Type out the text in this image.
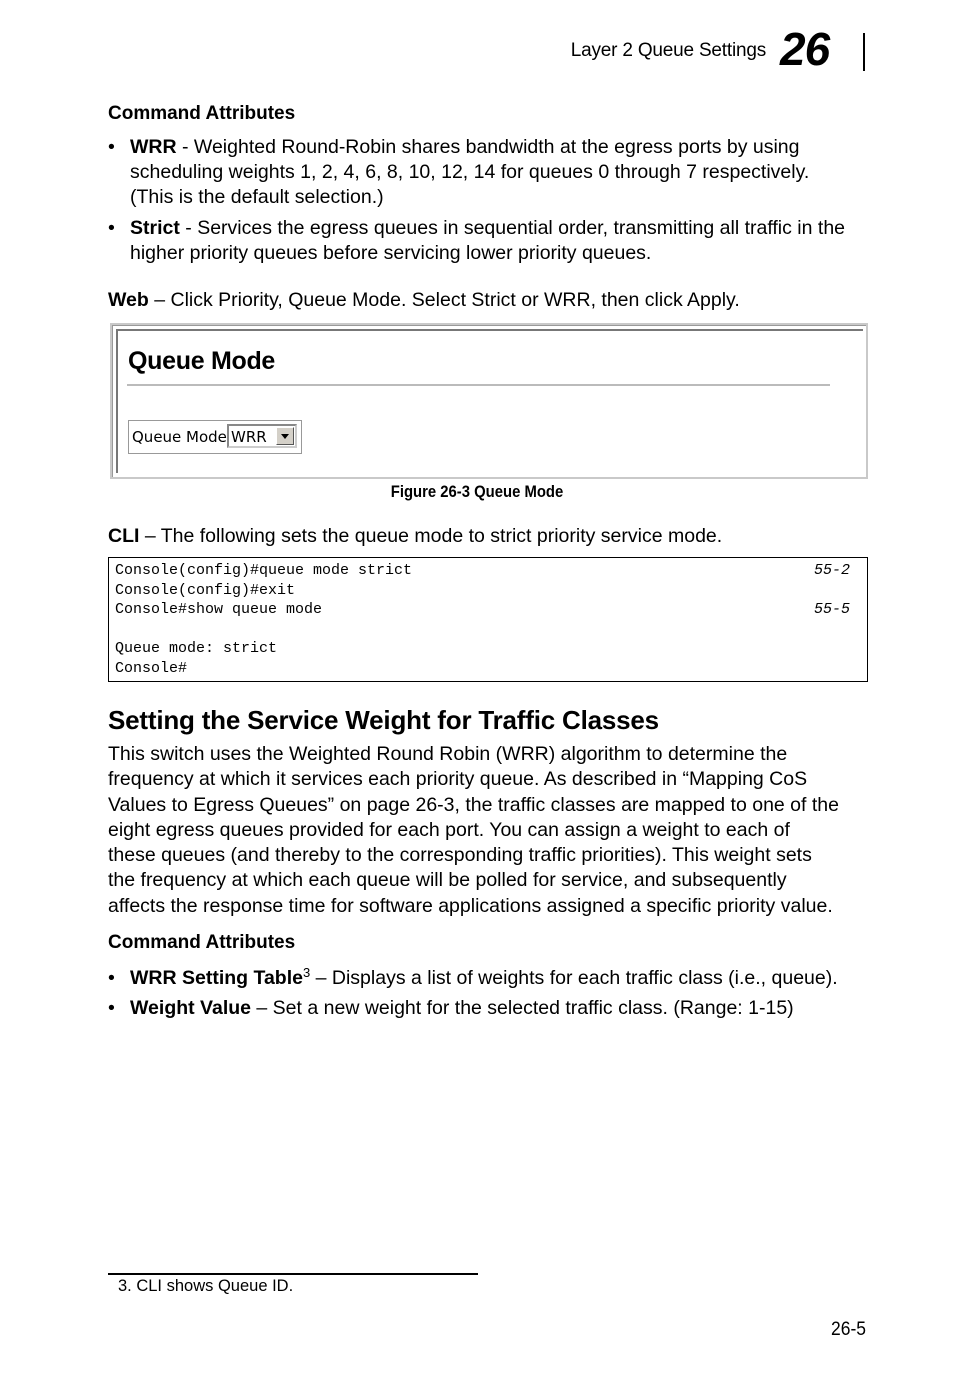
Layer 2 Queue Settings 26
Command Attributes
• WRR - Weighted Round-Robin shares bandwidth at the egress ports by using
scheduling weights 1, 2, 4, 6, 8, 10, 12, 14 for queues 0 through 7 respectively.
(This is the default selection.)
• Strict - Services the egress queues in sequential order, transmitting all traffic in the
higher priority queues before servicing lower priority queues.
Web – Click Priority, Queue Mode. Select Strict or WRR, then click Apply.
Queue Mode
Queue Mode WRR
Figure 26-3 Queue Mode
CLI – The following sets the queue mode to strict priority service mode.
Console(config)#queue mode strict	55-2
Console(config)#exit
Console#show queue mode	55-5
Queue mode: strict
Console#
Setting the Service Weight for Traffic Classes
This switch uses the Weighted Round Robin (WRR) algorithm to determine the
frequency at which it services each priority queue. As described in “Mapping CoS
Values to Egress Queues” on page 26-3, the traffic classes are mapped to one of the
eight egress queues provided for each port. You can assign a weight to each of
these queues (and thereby to the corresponding traffic priorities). This weight sets
the frequency at which each queue will be polled for service, and subsequently
affects the response time for software applications assigned a specific priority value.
Command Attributes
• WRR Setting Table$^3$ – Displays a list of weights for each traffic class (i.e., queue).
• Weight Value – Set a new weight for the selected traffic class. (Range: 1-15)
3. CLI shows Queue ID.
26-5
